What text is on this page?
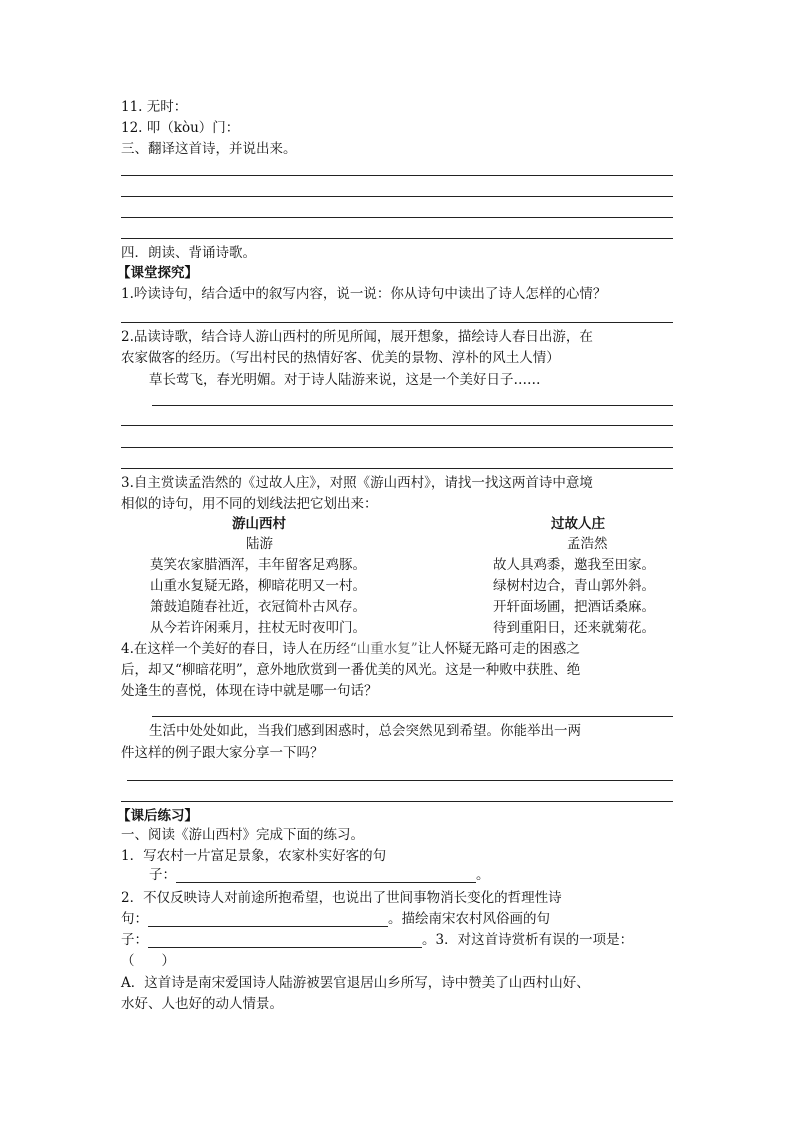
11. 无时：
12. 叩（kòu）门：
三、翻译这首诗，并说出来。
四．朗读、背诵诗歌。
【课堂探究】
1.吟读诗句，结合适中的叙写内容，说一说：你从诗句中读出了诗人怎样的心情？
2.品读诗歌，结合诗人游山西村的所见所闻，展开想象，描绘诗人春日出游，在
农家做客的经历。（写出村民的热情好客、优美的景物、淳朴的风土人情）
草长莺飞，春光明媚。对于诗人陆游来说，这是一个美好日子……
3.自主赏读孟浩然的《过故人庄》，对照《游山西村》，请找一找这两首诗中意境
相似的诗句，用不同的划线法把它划出来：
游山西村
陆游
莫笑农家腊酒浑，丰年留客足鸡豚。
山重水复疑无路，柳暗花明又一村。
箫鼓追随春社近，衣冠简朴古风存。
从今若许闲乘月，拄杖无时夜叩门。
过故人庄
孟浩然
故人具鸡黍，邀我至田家。
绿树村边合，青山郭外斜。
开轩面场圃，把酒话桑麻。
待到重阳日，还来就菊花。
4.在这样一个美好的春日，诗人在历经“山重水复”让人怀疑无路可走的困惑之
后，却又“柳暗花明”，意外地欣赏到一番优美的风光。这是一种败中获胜、绝
处逢生的喜悦，体现在诗中就是哪一句话？
生活中处处如此，当我们感到困惑时，总会突然见到希望。你能举出一两
件这样的例子跟大家分享一下吗？
【课后练习】
一、阅读《游山西村》完成下面的练习。
1．写农村一片富足景象，农家朴实好客的句
子：	。
2．不仅反映诗人对前途所抱希望，也说出了世间事物消长变化的哲理性诗
句：	。描绘南宋农村风俗画的句
子：	。3．对这首诗赏析有误的一项是：
（　　）
A．这首诗是南宋爱国诗人陆游被罢官退居山乡所写，诗中赞美了山西村山好、
水好、人也好的动人情景。
